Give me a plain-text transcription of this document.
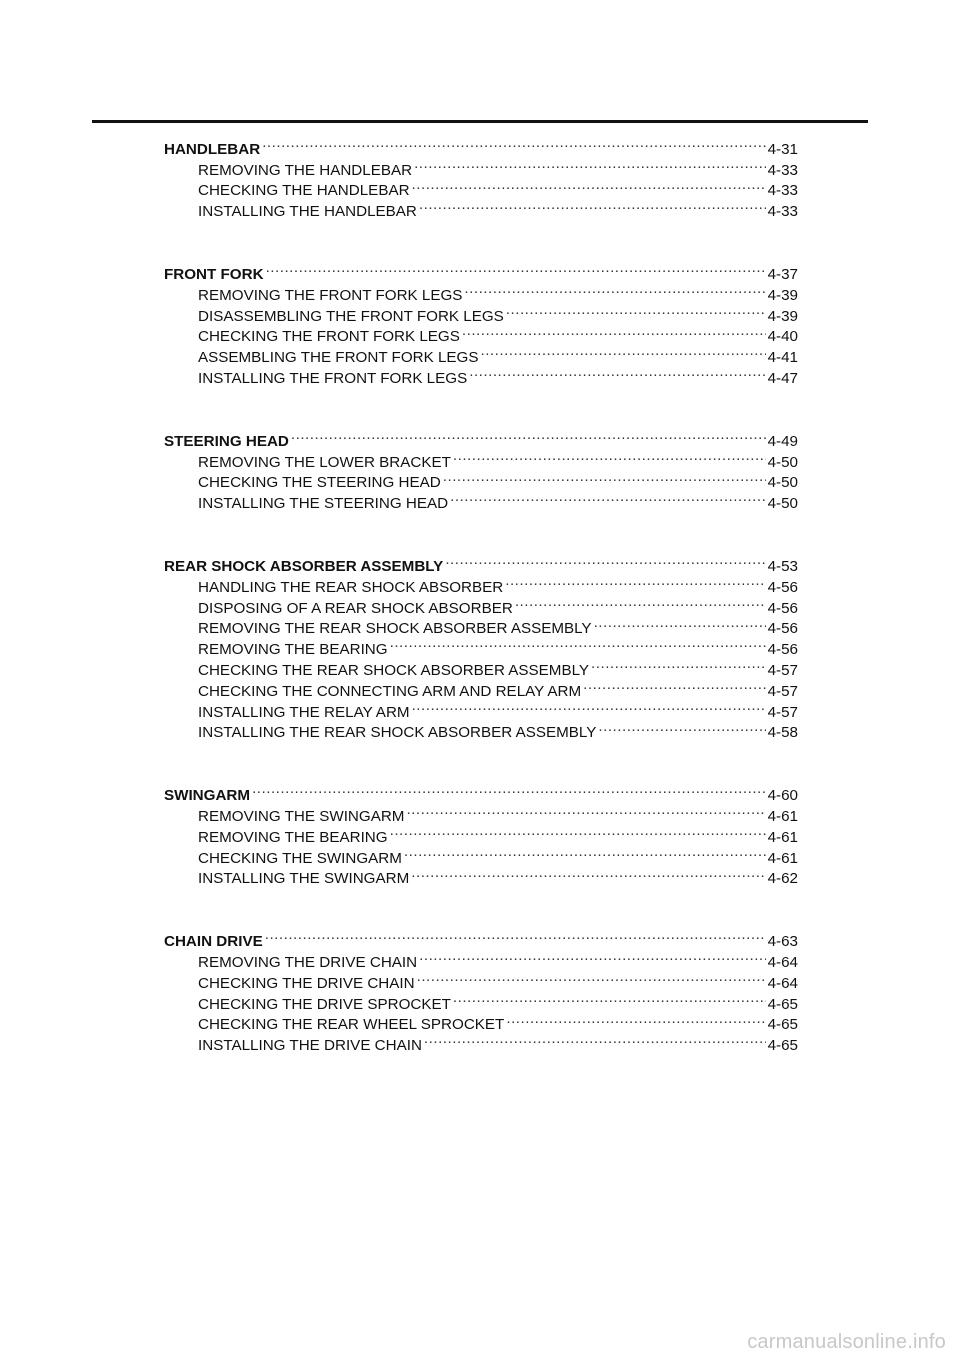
HANDLEBAR .....	4-31
REMOVING THE HANDLEBAR .....	4-33
CHECKING THE HANDLEBAR .....	4-33
INSTALLING THE HANDLEBAR .....	4-33
FRONT FORK .....	4-37
REMOVING THE FRONT FORK LEGS .....	4-39
DISASSEMBLING THE FRONT FORK LEGS .....	4-39
CHECKING THE FRONT FORK LEGS .....	4-40
ASSEMBLING THE FRONT FORK LEGS .....	4-41
INSTALLING THE FRONT FORK LEGS .....	4-47
STEERING HEAD .....	4-49
REMOVING THE LOWER BRACKET .....	4-50
CHECKING THE STEERING HEAD .....	4-50
INSTALLING THE STEERING HEAD .....	4-50
REAR SHOCK ABSORBER ASSEMBLY .....	4-53
HANDLING THE REAR SHOCK ABSORBER .....	4-56
DISPOSING OF A REAR SHOCK ABSORBER .....	4-56
REMOVING THE REAR SHOCK ABSORBER ASSEMBLY .....	4-56
REMOVING THE BEARING .....	4-56
CHECKING THE REAR SHOCK ABSORBER ASSEMBLY .....	4-57
CHECKING THE CONNECTING ARM AND RELAY ARM .....	4-57
INSTALLING THE RELAY ARM .....	4-57
INSTALLING THE REAR SHOCK ABSORBER ASSEMBLY .....	4-58
SWINGARM .....	4-60
REMOVING THE SWINGARM .....	4-61
REMOVING THE BEARING .....	4-61
CHECKING THE SWINGARM .....	4-61
INSTALLING THE SWINGARM .....	4-62
CHAIN DRIVE .....	4-63
REMOVING THE DRIVE CHAIN .....	4-64
CHECKING THE DRIVE CHAIN .....	4-64
CHECKING THE DRIVE SPROCKET .....	4-65
CHECKING THE REAR WHEEL SPROCKET .....	4-65
INSTALLING THE DRIVE CHAIN .....	4-65
carmanualsonline.info
